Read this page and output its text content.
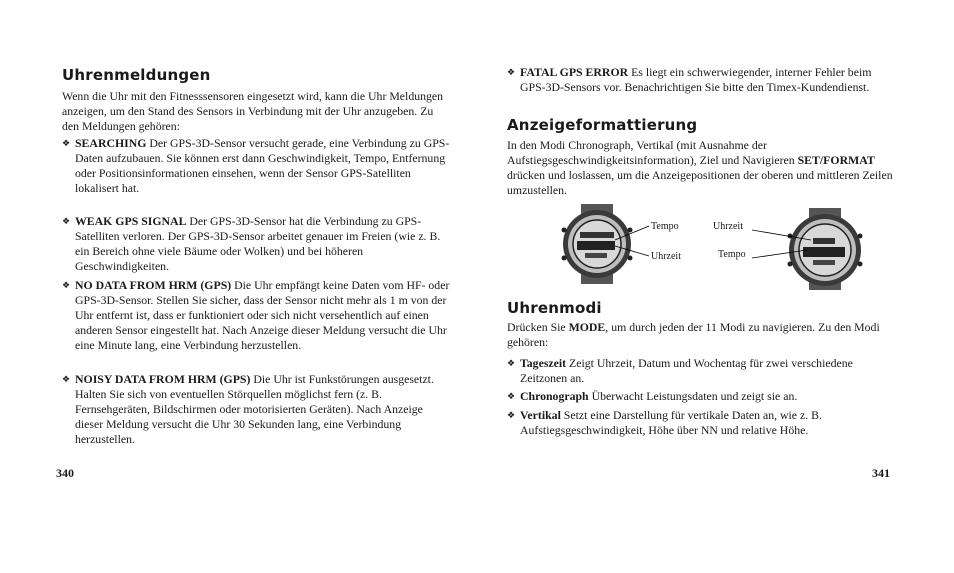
Uhrenmeldungen

Wenn die Uhr mit den Fitnesssensoren eingesetzt wird, kann die Uhr Meldungen anzeigen, um den Stand des Sensors in Verbindung mit der Uhr anzugeben. Zu den Meldungen gehören:

❖ SEARCHING Der GPS-3D-Sensor versucht gerade, eine Verbindung zu GPS-Daten aufzubauen. Sie können erst dann Geschwindigkeit, Tempo, Entfernung oder Positionsinformationen einsehen, wenn der Sensor GPS-Satelliten lokalisert hat.
❖ WEAK GPS SIGNAL Der GPS-3D-Sensor hat die Verbindung zu GPS-Satelliten verloren. Der GPS-3D-Sensor arbeitet genauer im Freien (wie z. B. ein Bereich ohne viele Bäume oder Wolken) und bei höheren Geschwindigkeiten.
❖ NO DATA FROM HRM (GPS) Die Uhr empfängt keine Daten vom HF- oder GPS-3D-Sensor. Stellen Sie sicher, dass der Sensor nicht mehr als 1 m von der Uhr entfernt ist, dass er funktioniert oder sich nicht versehentlich auf einen anderen Sensor eingestellt hat. Nach Anzeige dieser Meldung versucht die Uhr eine Minute lang, eine Verbindung herzustellen.
❖ NOISY DATA FROM HRM (GPS) Die Uhr ist Funkstörungen ausgesetzt. Halten Sie sich von eventuellen Störquellen möglichst fern (z. B. Fernsehgeräten, Bildschirmen oder motorisierten Geräten). Nach Anzeige dieser Meldung versucht die Uhr 30 Sekunden lang, eine Verbindung herzustellen.
340
❖ FATAL GPS ERROR Es liegt ein schwerwiegender, interner Fehler beim GPS-3D-Sensors vor. Benachrichtigen Sie bitte den Timex-Kundendienst.
Anzeigeformattierung

In den Modi Chronograph, Vertikal (mit Ausnahme der Aufstiegsgeschwindigkeitsinformation), Ziel und Navigieren SET/FORMAT drücken und loslassen, um die Anzeigepositionen der oberen und mittleren Zeilen umzustellen.

Tempo
Uhrzeit
Uhrzeit
Tempo
Uhrenmodi

Drücken Sie MODE, um durch jeden der 11 Modi zu navigieren. Zu den Modi gehören:

❖ Tageszeit Zeigt Uhrzeit, Datum und Wochentag für zwei verschiedene Zeitzonen an.
❖ Chronograph Überwacht Leistungsdaten und zeigt sie an.
❖ Vertikal Setzt eine Darstellung für vertikale Daten an, wie z. B. Aufstiegsgeschwindigkeit, Höhe über NN und relative Höhe.
341
